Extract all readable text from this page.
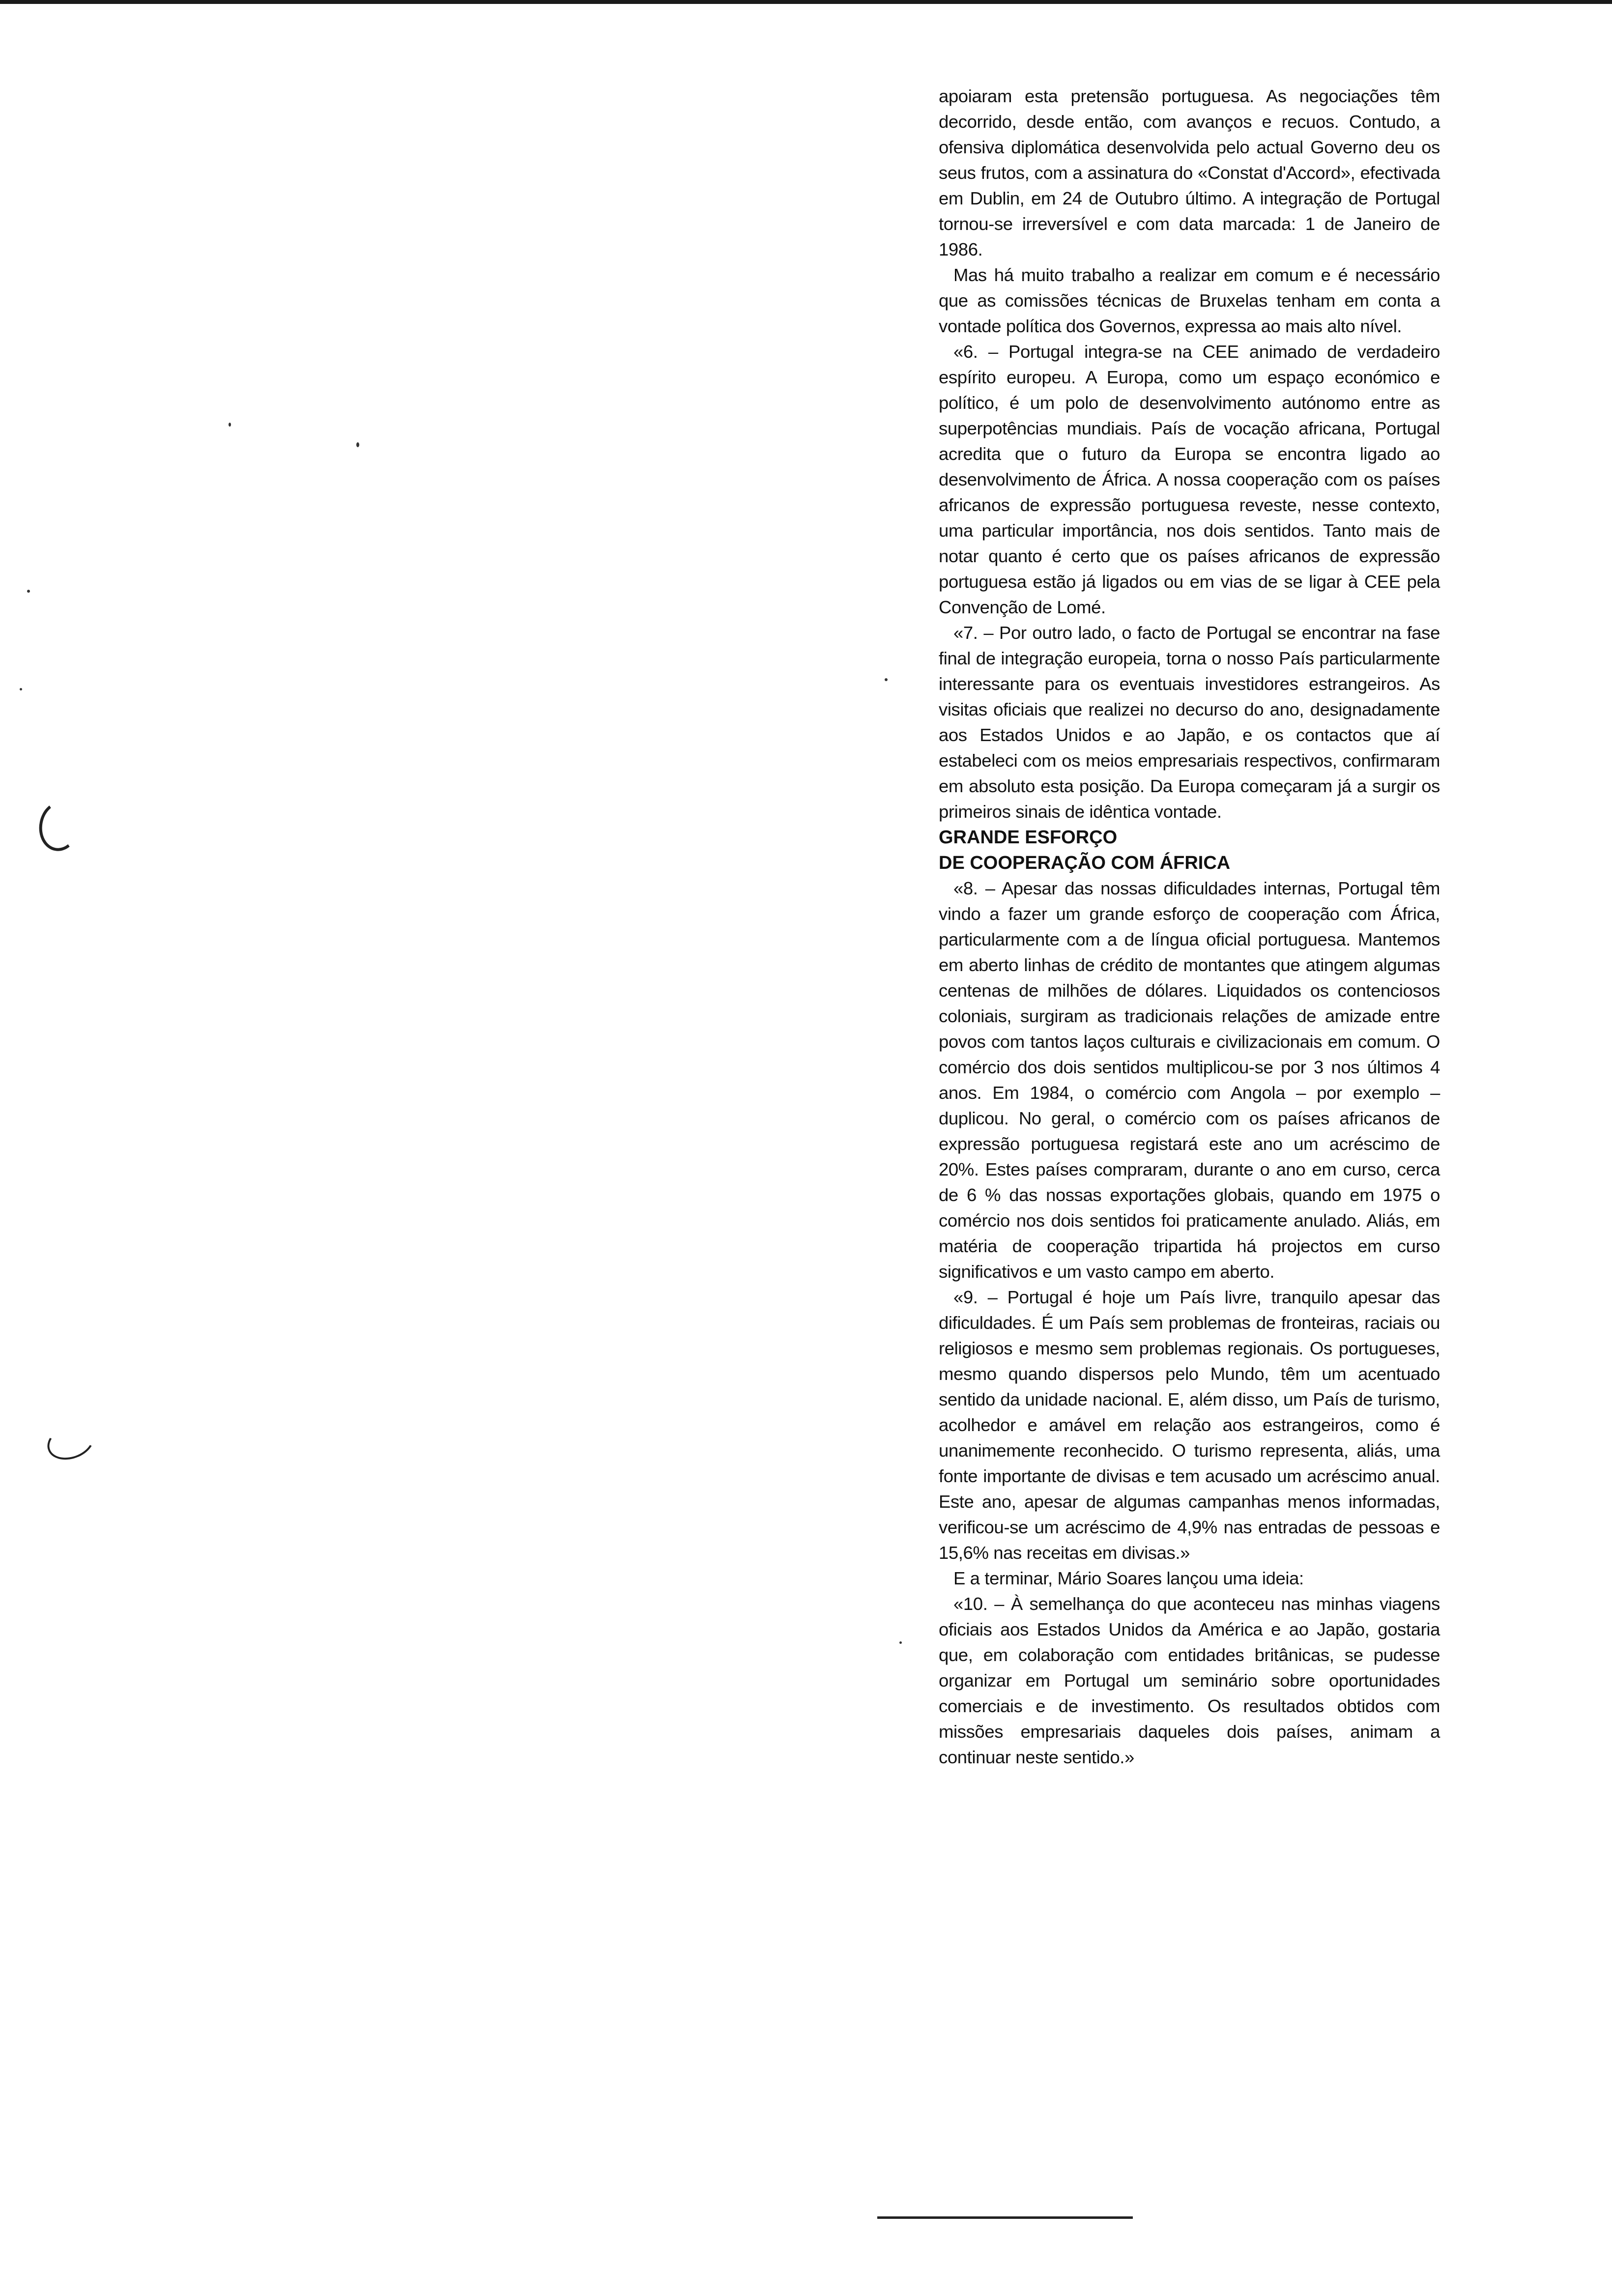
apoiaram esta pretensão portuguesa. As negociações têm decorrido, desde então, com avanços e recuos. Contudo, a ofensiva diplomática desenvolvida pelo actual Governo deu os seus frutos, com a assinatura do «Constat d'Accord», efectivada em Dublin, em 24 de Outubro último. A integração de Portugal tornou-se irreversível e com data marcada: 1 de Janeiro de 1986.

Mas há muito trabalho a realizar em comum e é necessário que as comissões técnicas de Bruxelas tenham em conta a vontade política dos Governos, expressa ao mais alto nível.

«6. – Portugal integra-se na CEE animado de verdadeiro espírito europeu. A Europa, como um espaço económico e político, é um polo de desenvolvimento autónomo entre as superpotências mundiais. País de vocação africana, Portugal acredita que o futuro da Europa se encontra ligado ao desenvolvimento de África. A nossa cooperação com os países africanos de expressão portuguesa reveste, nesse contexto, uma particular importância, nos dois sentidos. Tanto mais de notar quanto é certo que os países africanos de expressão portuguesa estão já ligados ou em vias de se ligar à CEE pela Convenção de Lomé.

«7. – Por outro lado, o facto de Portugal se encontrar na fase final de integração europeia, torna o nosso País particularmente interessante para os eventuais investidores estrangeiros. As visitas oficiais que realizei no decurso do ano, designadamente aos Estados Unidos e ao Japão, e os contactos que aí estabeleci com os meios empresariais respectivos, confirmaram em absoluto esta posição. Da Europa começaram já a surgir os primeiros sinais de idêntica vontade.

GRANDE ESFORÇO
DE COOPERAÇÃO COM ÁFRICA

«8. – Apesar das nossas dificuldades internas, Portugal têm vindo a fazer um grande esforço de cooperação com África, particularmente com a de língua oficial portuguesa. Mantemos em aberto linhas de crédito de montantes que atingem algumas centenas de milhões de dólares. Liquidados os contenciosos coloniais, surgiram as tradicionais relações de amizade entre povos com tantos laços culturais e civilizacionais em comum. O comércio dos dois sentidos multiplicou-se por 3 nos últimos 4 anos. Em 1984, o comércio com Angola – por exemplo – duplicou. No geral, o comércio com os países africanos de expressão portuguesa registará este ano um acréscimo de 20%. Estes países compraram, durante o ano em curso, cerca de 6 % das nossas exportações globais, quando em 1975 o comércio nos dois sentidos foi praticamente anulado. Aliás, em matéria de cooperação tripartida há projectos em curso significativos e um vasto campo em aberto.

«9. – Portugal é hoje um País livre, tranquilo apesar das dificuldades. É um País sem problemas de fronteiras, raciais ou religiosos e mesmo sem problemas regionais. Os portugueses, mesmo quando dispersos pelo Mundo, têm um acentuado sentido da unidade nacional. E, além disso, um País de turismo, acolhedor e amável em relação aos estrangeiros, como é unanimemente reconhecido. O turismo representa, aliás, uma fonte importante de divisas e tem acusado um acréscimo anual. Este ano, apesar de algumas campanhas menos informadas, verificou-se um acréscimo de 4,9% nas entradas de pessoas e 15,6% nas receitas em divisas.»

E a terminar, Mário Soares lançou uma ideia:

«10. – À semelhança do que aconteceu nas minhas viagens oficiais aos Estados Unidos da América e ao Japão, gostaria que, em colaboração com entidades britânicas, se pudesse organizar em Portugal um seminário sobre oportunidades comerciais e de investimento. Os resultados obtidos com missões empresariais daqueles dois países, animam a continuar neste sentido.»
